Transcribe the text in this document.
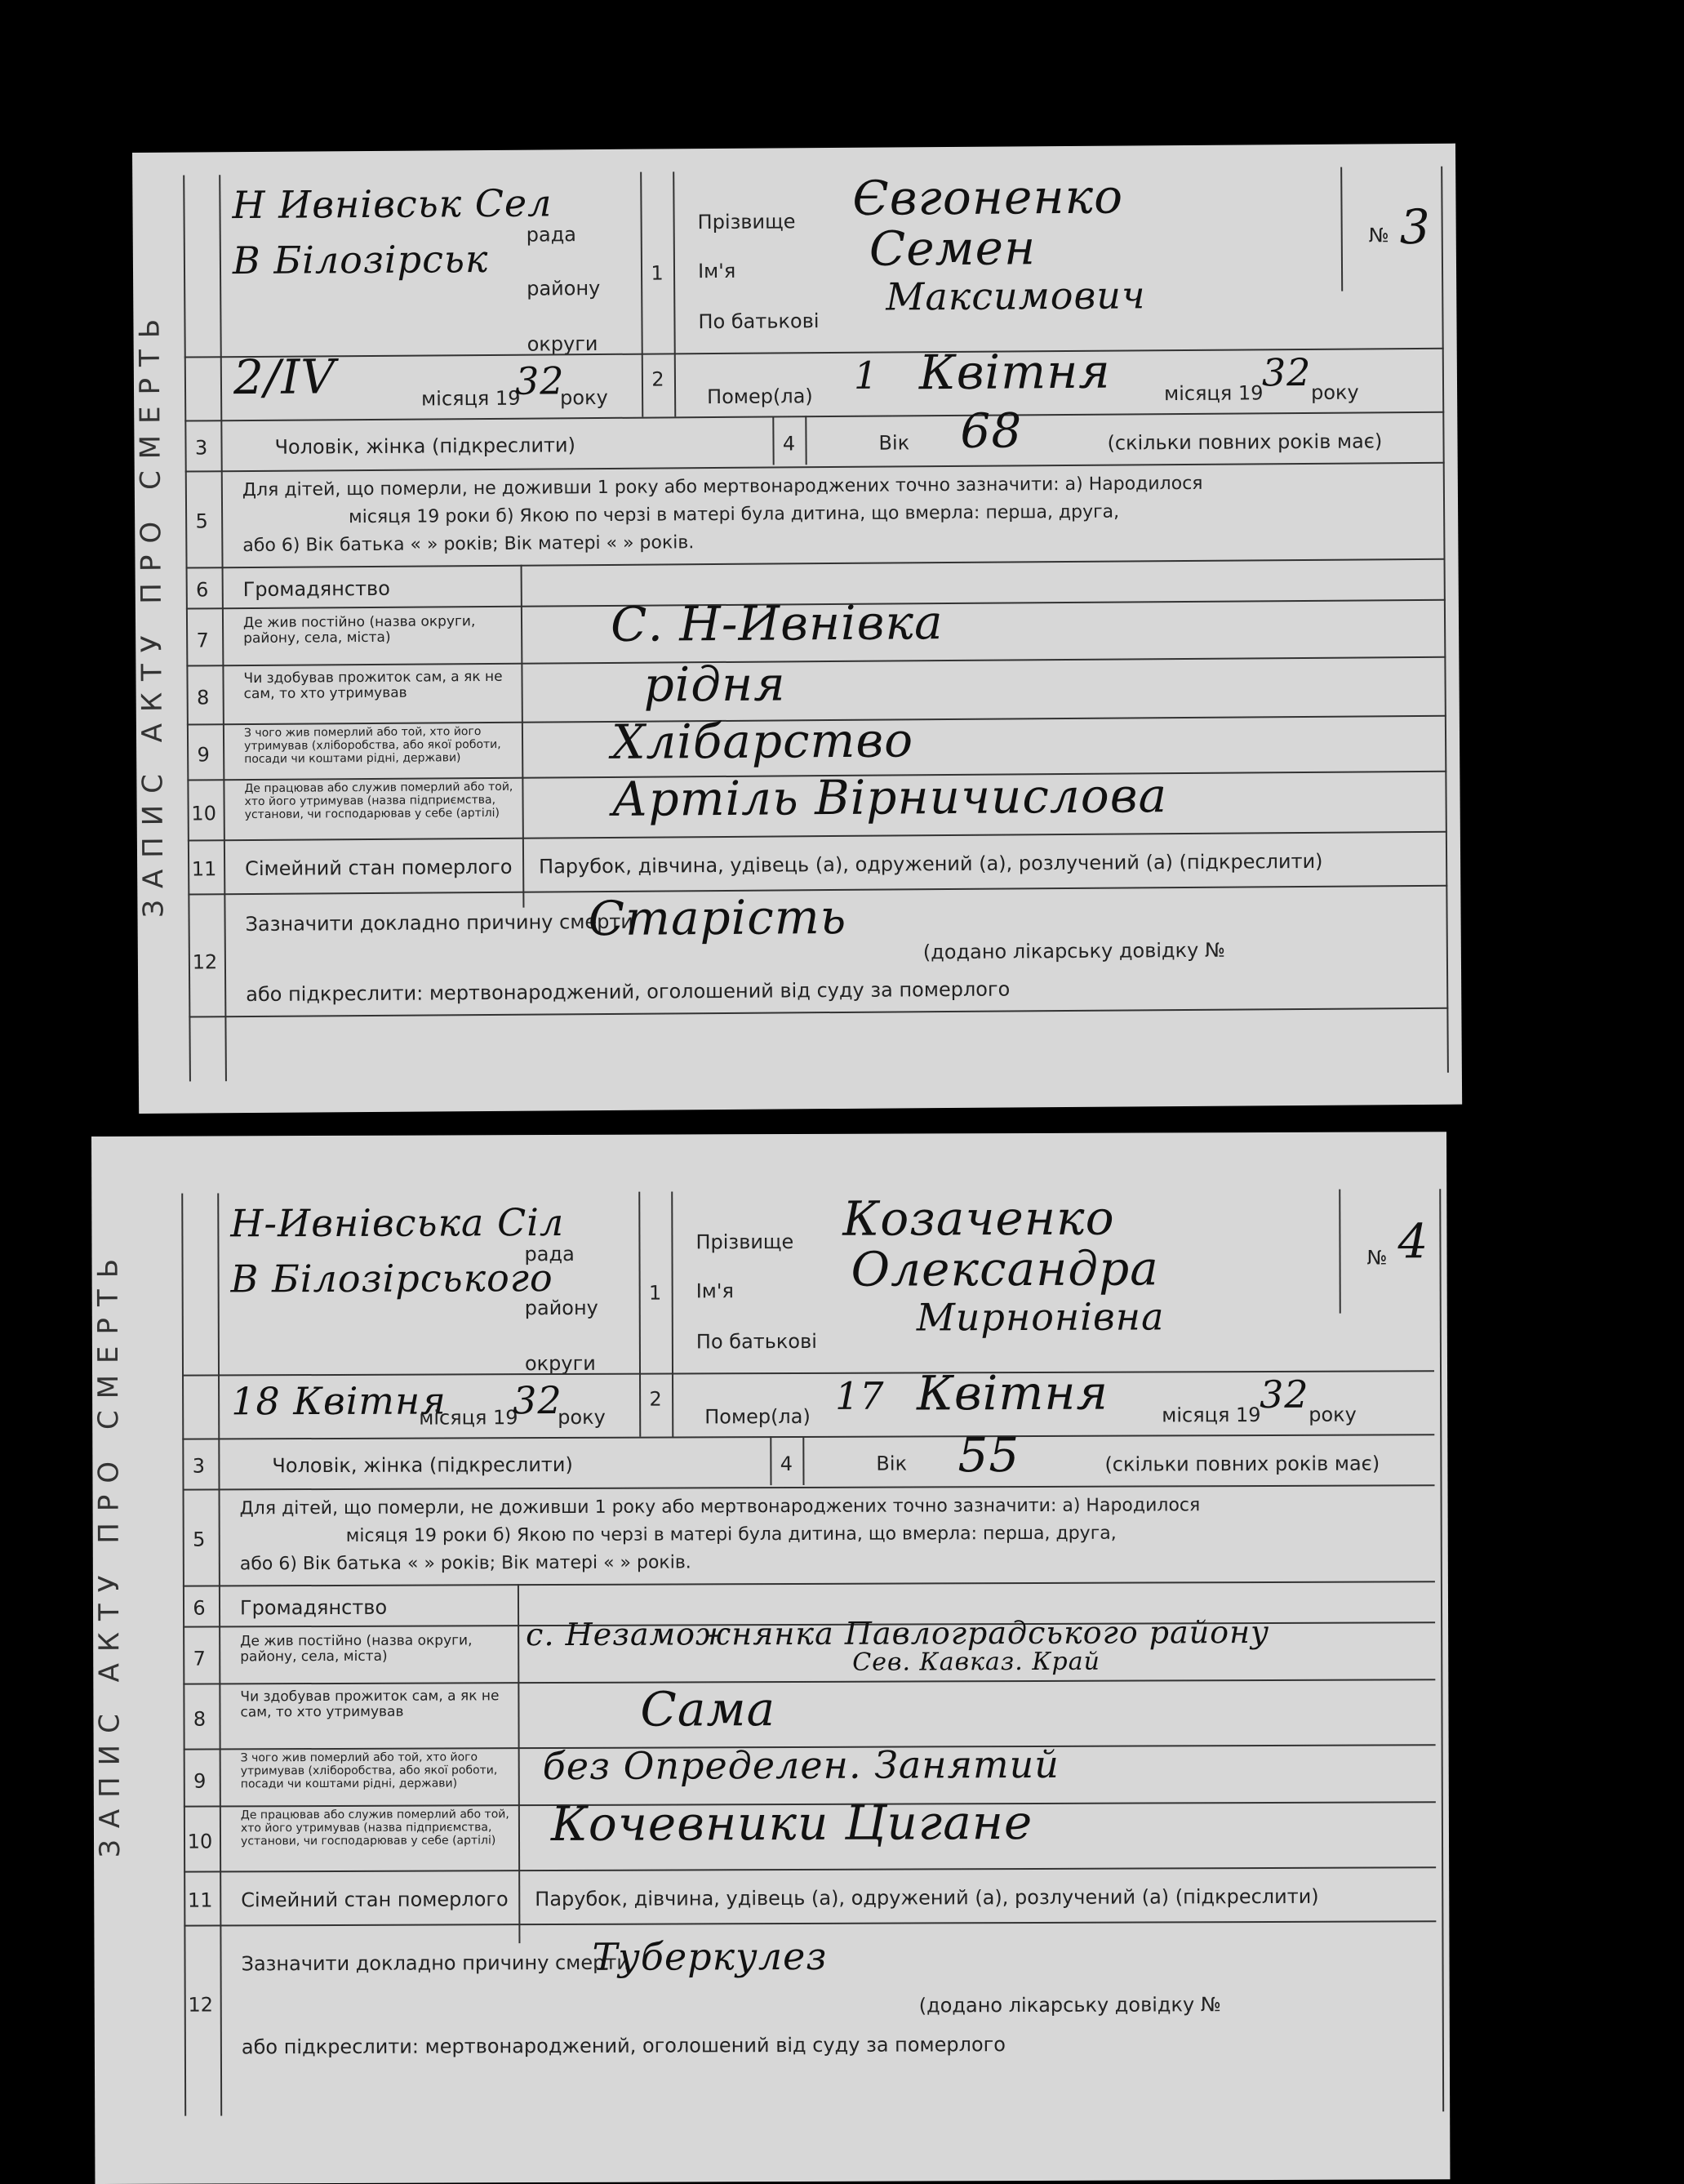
ЗАПИС АКТУ ПРО СМЕРТЬ
Н Ивнівськ Сел
рада
В Білозірськ
району
округи
1
Прізвище Євгоненко
Ім'я	Семен
По батькові
Максимович
№ 3
2/IV	місяця 19
32
року
2
Помер(ла) 1 Квітня	місяця 19
32 року
3	Чоловік, жінка (підкреслити)	4	Вік 68	(скільки повних років має)
5
Для дітей, що померли, не доживши 1 року або мертвонароджених точно зазначити: а) Народилося
місяця 19 роки б) Якою по черзі в матері була дитина, що вмерла: перша, друга,
або 6) Вік батька « » років; Вік матері « » років.
6	Громадянство
7
Де жив постійно (назва округи, району, села, міста)	С. Н-Ивнівка
8
Чи здобував прожиток сам, а як не сам, то хто утримував	рідня
9
З чого жив померлий або той, хто його утримував (хліборобства, або якої роботи, посади чи коштами рідні, держави)	Хлібарство
10
Де працював або служив померлий або той, хто його утримував (назва підприємства, установи, чи господарював у себе (артілі)	Артіль Вірничислова
11 Сімейний стан померлого Парубок, дівчина, удівець (а), одружений (а), розлучений (а) (підкреслити)
12
Зазначити докладно причину смерти
Старість
(додано лікарську довідку №
або підкреслити: мертвонароджений, оголошений від суду за померлого
ЗАПИС АКТУ ПРО СМЕРТЬ
Н-Ивнівська Сіл
рада
В Білозірського
району
округи
1
Прізвище Козаченко
Ім'я Олександра
По батькові
Мирнонівна
№ 4
18 Квітня
місяця 19
32
року
2
Помер(ла) 17 Квітня	місяця 19
32 року
3	Чоловік, жінка (підкреслити)	4	Вік 55	(скільки повних років має)
5
Для дітей, що померли, не доживши 1 року або мертвонароджених точно зазначити: а) Народилося
місяця 19 роки б) Якою по черзі в матері була дитина, що вмерла: перша, друга,
або 6) Вік батька « » років; Вік матері « » років.
6	Громадянство
7
Де жив постійно (назва округи, району, села, міста)
с. Незаможнянка Павлоградського району
Сев. Кавказ. Край
8
Чи здобував прожиток сам, а як не сам, то хто утримував	Сама
9
З чого жив померлий або той, хто його утримував (хліборобства, або якої роботи, посади чи коштами рідні, держави)	без Определен. Занятий
10
Де працював або служив померлий або той, хто його утримував (назва підприємства, установи, чи господарював у себе (артілі)	Кочевники Цигане
11 Сімейний стан померлого Парубок, дівчина, удівець (а), одружений (а), розлучений (а) (підкреслити)
12
Зазначити докладно причину смерти
Туберкулез
(додано лікарську довідку №
або підкреслити: мертвонароджений, оголошений від суду за померлого
